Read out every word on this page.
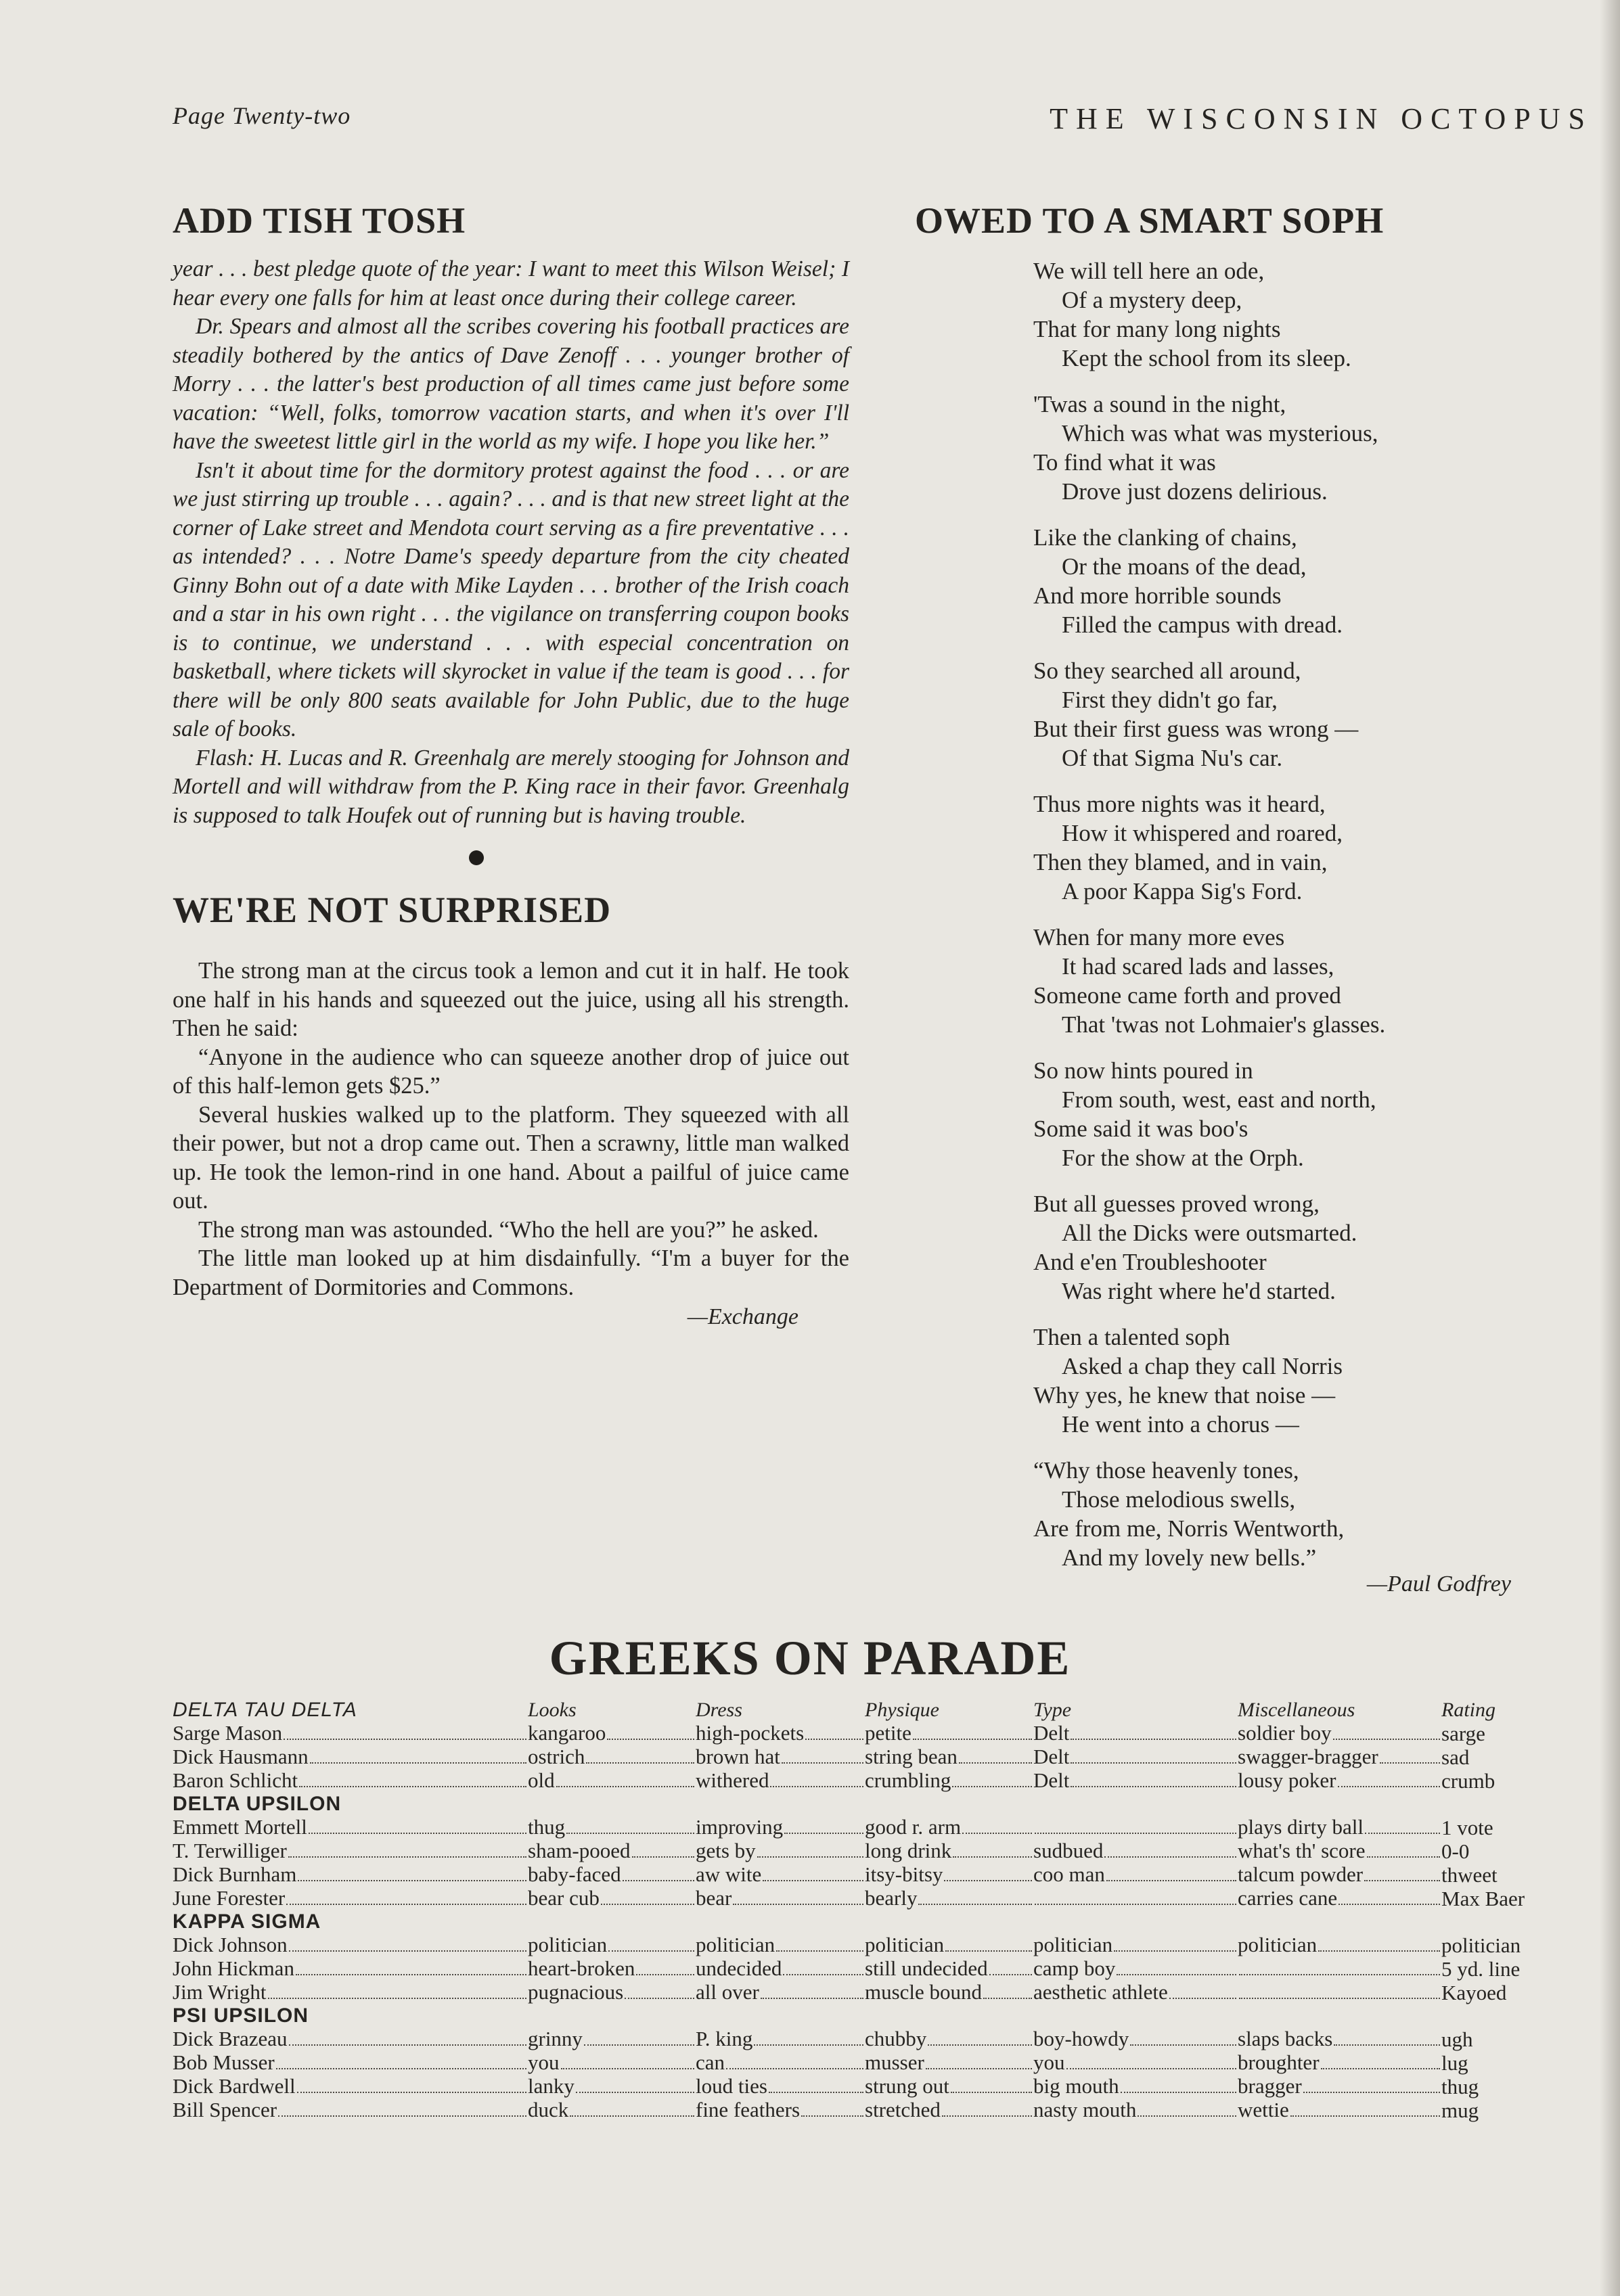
Page Twenty-two	THE WISCONSIN OCTOPUS
ADD TISH TOSH

year . . . best pledge quote of the year: I want to meet this Wilson Weisel; I hear every one falls for him at least once during their college career.

Dr. Spears and almost all the scribes covering his football practices are steadily bothered by the antics of Dave Zenoff . . . younger brother of Morry . . . the latter's best production of all times came just before some vacation: “Well, folks, tomorrow vacation starts, and when it's over I'll have the sweetest little girl in the world as my wife. I hope you like her.”

Isn't it about time for the dormitory protest against the food . . . or are we just stirring up trouble . . . again? . . . and is that new street light at the corner of Lake street and Mendota court serving as a fire preventative . . . as intended? . . . Notre Dame's speedy departure from the city cheated Ginny Bohn out of a date with Mike Layden . . . brother of the Irish coach and a star in his own right . . . the vigilance on transferring coupon books is to continue, we understand . . . with especial concentration on basketball, where tickets will skyrocket in value if the team is good . . . for there will be only 800 seats available for John Public, due to the huge sale of books.

Flash: H. Lucas and R. Greenhalg are merely stooging for Johnson and Mortell and will withdraw from the P. King race in their favor. Greenhalg is supposed to talk Houfek out of running but is having trouble.

WE'RE NOT SURPRISED

The strong man at the circus took a lemon and cut it in half. He took one half in his hands and squeezed out the juice, using all his strength. Then he said:

“Anyone in the audience who can squeeze another drop of juice out of this half-lemon gets $25.”

Several huskies walked up to the platform. They squeezed with all their power, but not a drop came out. Then a scrawny, little man walked up. He took the lemon-rind in one hand. About a pailful of juice came out.

The strong man was astounded. “Who the hell are you?” he asked.

The little man looked up at him disdainfully. “I'm a buyer for the Department of Dormitories and Commons.

—Exchange
OWED TO A SMART SOPH
We will tell here an ode,
Of a mystery deep,
That for many long nights
Kept the school from its sleep.
'Twas a sound in the night,
Which was what was mysterious,
To find what it was
Drove just dozens delirious.
Like the clanking of chains,
Or the moans of the dead,
And more horrible sounds
Filled the campus with dread.
So they searched all around,
First they didn't go far,
But their first guess was wrong —
Of that Sigma Nu's car.
Thus more nights was it heard,
How it whispered and roared,
Then they blamed, and in vain,
A poor Kappa Sig's Ford.
When for many more eves
It had scared lads and lasses,
Someone came forth and proved
That 'twas not Lohmaier's glasses.
So now hints poured in
From south, west, east and north,
Some said it was boo's
For the show at the Orph.
But all guesses proved wrong,
All the Dicks were outsmarted.
And e'en Troubleshooter
Was right where he'd started.
Then a talented soph
Asked a chap they call Norris
Why yes, he knew that noise —
He went into a chorus —
“Why those heavenly tones,
Those melodious swells,
Are from me, Norris Wentworth,
And my lovely new bells.”
—Paul Godfrey
GREEKS ON PARADE
DELTA TAU DELTA	Looks	Dress	Physique	Type	Miscellaneous	Rating

Sarge Mason	kangaroo	high-pockets	petite	Delt	soldier boy	sarge

Dick Hausmann	ostrich	brown hat	string bean	Delt	swagger-bragger	sad

Baron Schlicht	old	withered	crumbling	Delt	lousy poker	crumb

DELTA UPSILON						

Emmett Mortell	thug	improving	good r. arm		plays dirty ball	1 vote

T. Terwilliger	sham-pooed	gets by	long drink	sudbued	what's th' score	0-0

Dick Burnham	baby-faced	aw wite	itsy-bitsy	coo man	talcum powder	thweet

June Forester	bear cub	bear	bearly		carries cane	Max Baer

KAPPA SIGMA						

Dick Johnson	politician	politician	politician	politician	politician	politician

John Hickman	heart-broken	undecided	still undecided	camp boy		5 yd. line

Jim Wright	pugnacious	all over	muscle bound	aesthetic athlete		Kayoed

PSI UPSILON						

Dick Brazeau	grinny	P. king	chubby	boy-howdy	slaps backs	ugh

Bob Musser	you	can	musser	you	broughter	lug

Dick Bardwell	lanky	loud ties	strung out	big mouth	bragger	thug

Bill Spencer	duck	fine feathers	stretched	nasty mouth	wettie	mug
